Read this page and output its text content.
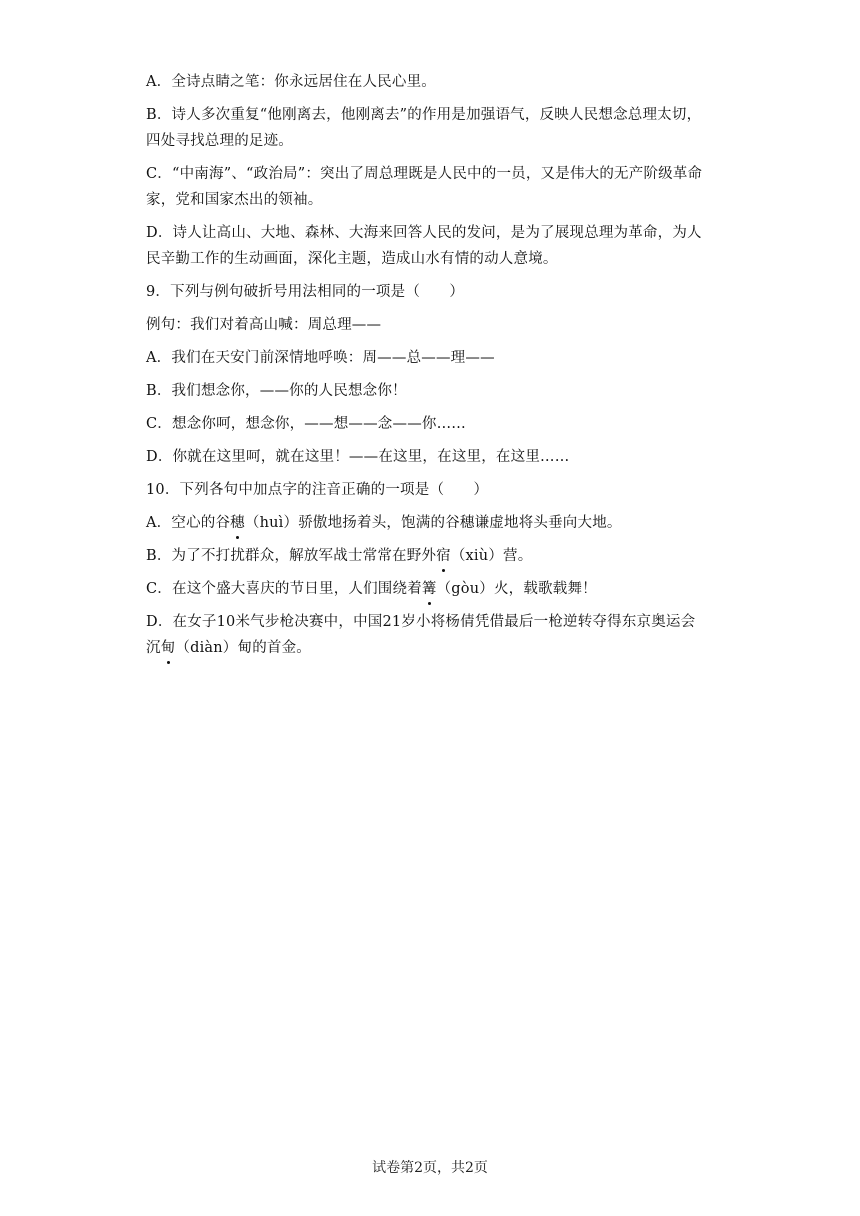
A．全诗点睛之笔：你永远居住在人民心里。
B．诗人多次重复“他刚离去，他刚离去”的作用是加强语气，反映人民想念总理太切，
四处寻找总理的足迹。
C．“中南海”、“政治局”：突出了周总理既是人民中的一员，又是伟大的无产阶级革命
家，党和国家杰出的领袖。
D．诗人让高山、大地、森林、大海来回答人民的发问，是为了展现总理为革命，为人
民辛勤工作的生动画面，深化主题，造成山水有情的动人意境。
9．下列与例句破折号用法相同的一项是（　　）
例句：我们对着高山喊：周总理——
A．我们在天安门前深情地呼唤：周——总——理——
B．我们想念你，——你的人民想念你！
C．想念你呵，想念你，——想——念——你……
D．你就在这里呵，就在这里！——在这里，在这里，在这里……
10．下列各句中加点字的注音正确的一项是（　　）
A．空心的谷穗（huì）骄傲地扬着头，饱满的谷穗谦虚地将头垂向大地。
B．为了不打扰群众，解放军战士常常在野外宿（xiù）营。
C．在这个盛大喜庆的节日里，人们围绕着篝（gòu）火，载歌载舞！
D．在女子10米气步枪决赛中，中国21岁小将杨倩凭借最后一枪逆转夺得东京奥运会
沉甸（diàn）甸的首金。
试卷第2页，共2页
